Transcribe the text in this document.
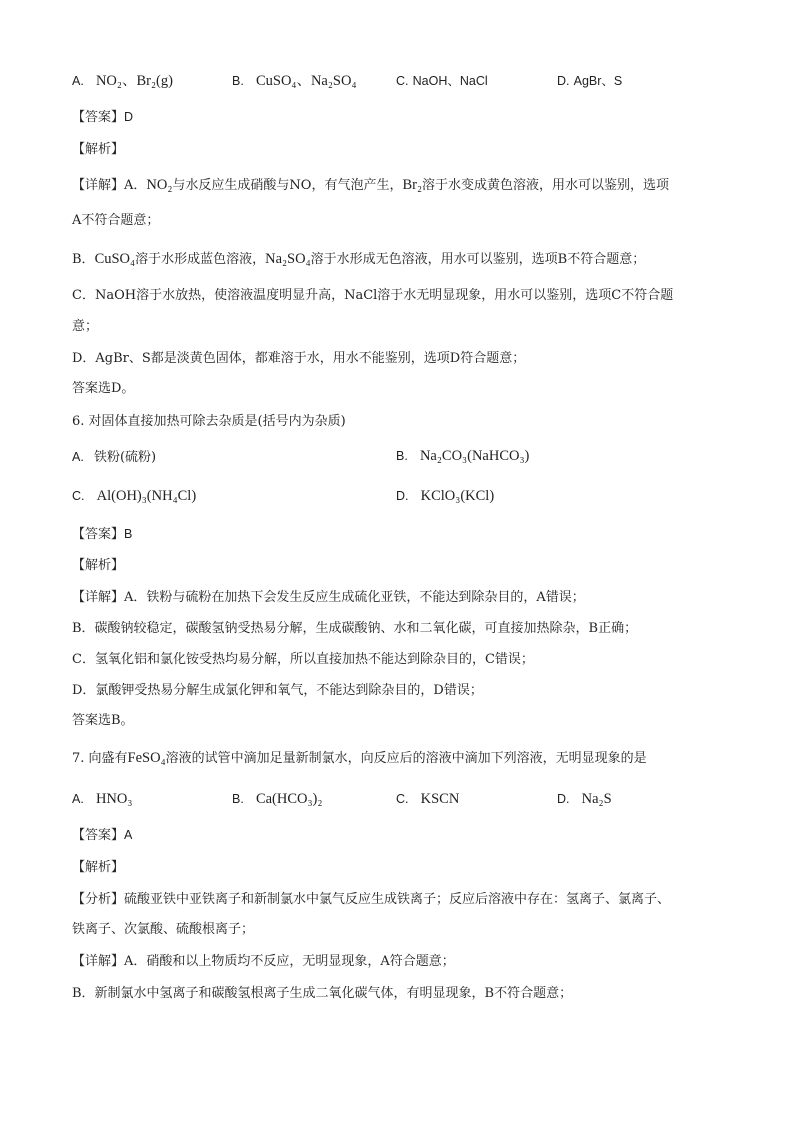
A. NO₂、Br₂(g)	B. CuSO₄、Na₂SO₄	C. NaOH、NaCl	D. AgBr、S
【答案】D
【解析】
【详解】A．NO₂与水反应生成硝酸与NO，有气泡产生，Br₂溶于水变成黄色溶液，用水可以鉴别，选项
A不符合题意；
B．CuSO₄溶于水形成蓝色溶液，Na₂SO₄溶于水形成无色溶液，用水可以鉴别，选项B不符合题意；
C．NaOH溶于水放热，使溶液温度明显升高，NaCl溶于水无明显现象，用水可以鉴别，选项C不符合题
意；
D．AgBr、S都是淡黄色固体，都难溶于水，用水不能鉴别，选项D符合题意；
答案选D。
6. 对固体直接加热可除去杂质是(括号内为杂质)
A. 铁粉(硫粉)	B. Na₂CO₃(NaHCO₃)
C. Al(OH)₃(NH₄Cl)	D. KClO₃(KCl)
【答案】B
【解析】
【详解】A．铁粉与硫粉在加热下会发生反应生成硫化亚铁，不能达到除杂目的，A错误；
B．碳酸钠较稳定，碳酸氢钠受热易分解，生成碳酸钠、水和二氧化碳，可直接加热除杂，B正确；
C．氢氧化铝和氯化铵受热均易分解，所以直接加热不能达到除杂目的，C错误；
D．氯酸钾受热易分解生成氯化钾和氧气，不能达到除杂目的，D错误；
答案选B。
7. 向盛有FeSO₄溶液的试管中滴加足量新制氯水，向反应后的溶液中滴加下列溶液，无明显现象的是
A. HNO₃	B. Ca(HCO₃)₂	C. KSCN	D. Na₂S
【答案】A
【解析】
【分析】硫酸亚铁中亚铁离子和新制氯水中氯气反应生成铁离子；反应后溶液中存在：氢离子、氯离子、
铁离子、次氯酸、硫酸根离子；
【详解】A．硝酸和以上物质均不反应，无明显现象，A符合题意；
B．新制氯水中氢离子和碳酸氢根离子生成二氧化碳气体，有明显现象，B不符合题意；
